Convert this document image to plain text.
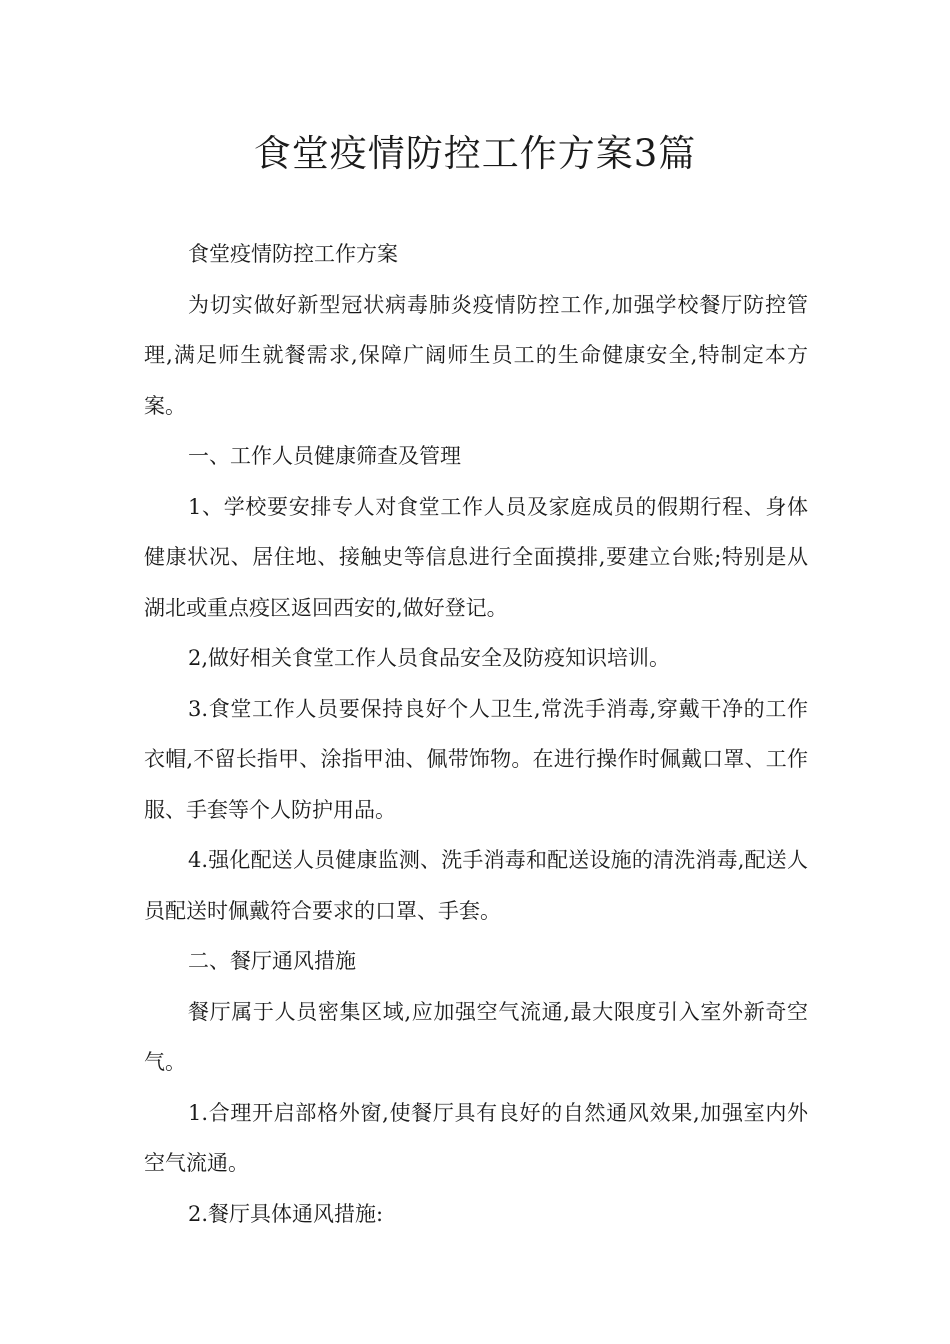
食堂疫情防控工作方案3篇

食堂疫情防控工作方案

为切实做好新型冠状病毒肺炎疫情防控工作,加强学校餐厅防控管理,满足师生就餐需求,保障广阔师生员工的生命健康安全,特制定本方案。

一、工作人员健康筛查及管理

1、学校要安排专人对食堂工作人员及家庭成员的假期行程、身体健康状况、居住地、接触史等信息进行全面摸排,要建立台账;特别是从湖北或重点疫区返回西安的,做好登记。

2,做好相关食堂工作人员食品安全及防疫知识培训。

3.食堂工作人员要保持良好个人卫生,常洗手消毒,穿戴干净的工作衣帽,不留长指甲、涂指甲油、佩带饰物。在进行操作时佩戴口罩、工作服、手套等个人防护用品。

4.强化配送人员健康监测、洗手消毒和配送设施的清洗消毒,配送人员配送时佩戴符合要求的口罩、手套。

二、餐厅通风措施

餐厅属于人员密集区域,应加强空气流通,最大限度引入室外新奇空气。

1.合理开启部格外窗,使餐厅具有良好的自然通风效果,加强室内外空气流通。

2.餐厅具体通风措施:
